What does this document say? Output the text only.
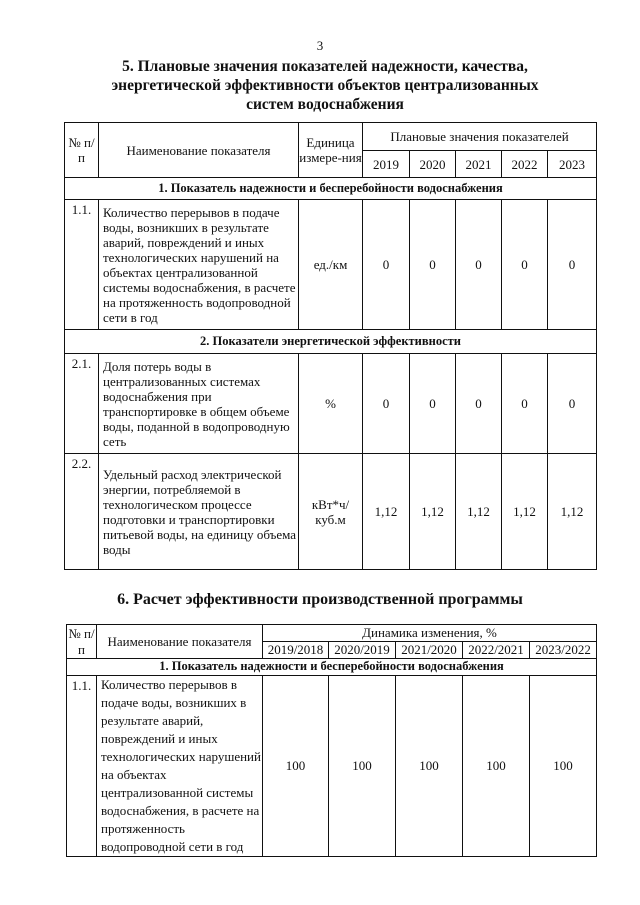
3
5. Плановые значения показателей надежности, качества, энергетической эффективности объектов централизованных систем водоснабжения
№ п/п	Наименование показателя	Единица измере-ния	Плановые значения показателей				
			2019	2020	2021	2022	2023
1. Показатель надежности и бесперебойности водоснабжения							
1.1.	Количество перерывов в подаче воды, возникших в результате аварий, повреждений и иных технологических нарушений на объектах централизованной системы водоснабжения, в расчете на протяженность водопроводной сети в год	ед./км	0	0	0	0	0
2. Показатели энергетической эффективности							
2.1.	Доля потерь воды в централизованных системах водоснабжения при транспортировке в общем объеме воды, поданной в водопроводную сеть	%	0	0	0	0	0
2.2.	Удельный расход электрической энергии, потребляемой в технологическом процессе подготовки и транспортировки питьевой воды, на единицу объема воды	кВт*ч/ куб.м	1,12	1,12	1,12	1,12	1,12
6. Расчет эффективности производственной программы
№ п/п	Наименование показателя	Динамика изменения, %				
		2019/2018	2020/2019	2021/2020	2022/2021	2023/2022
1. Показатель надежности и бесперебойности водоснабжения						
1.1.	Количество перерывов в подаче воды, возникших в результате аварий, повреждений и иных технологических нарушений на объектах централизованной системы водоснабжения, в расчете на протяженность водопроводной сети в год	100	100	100	100	100
